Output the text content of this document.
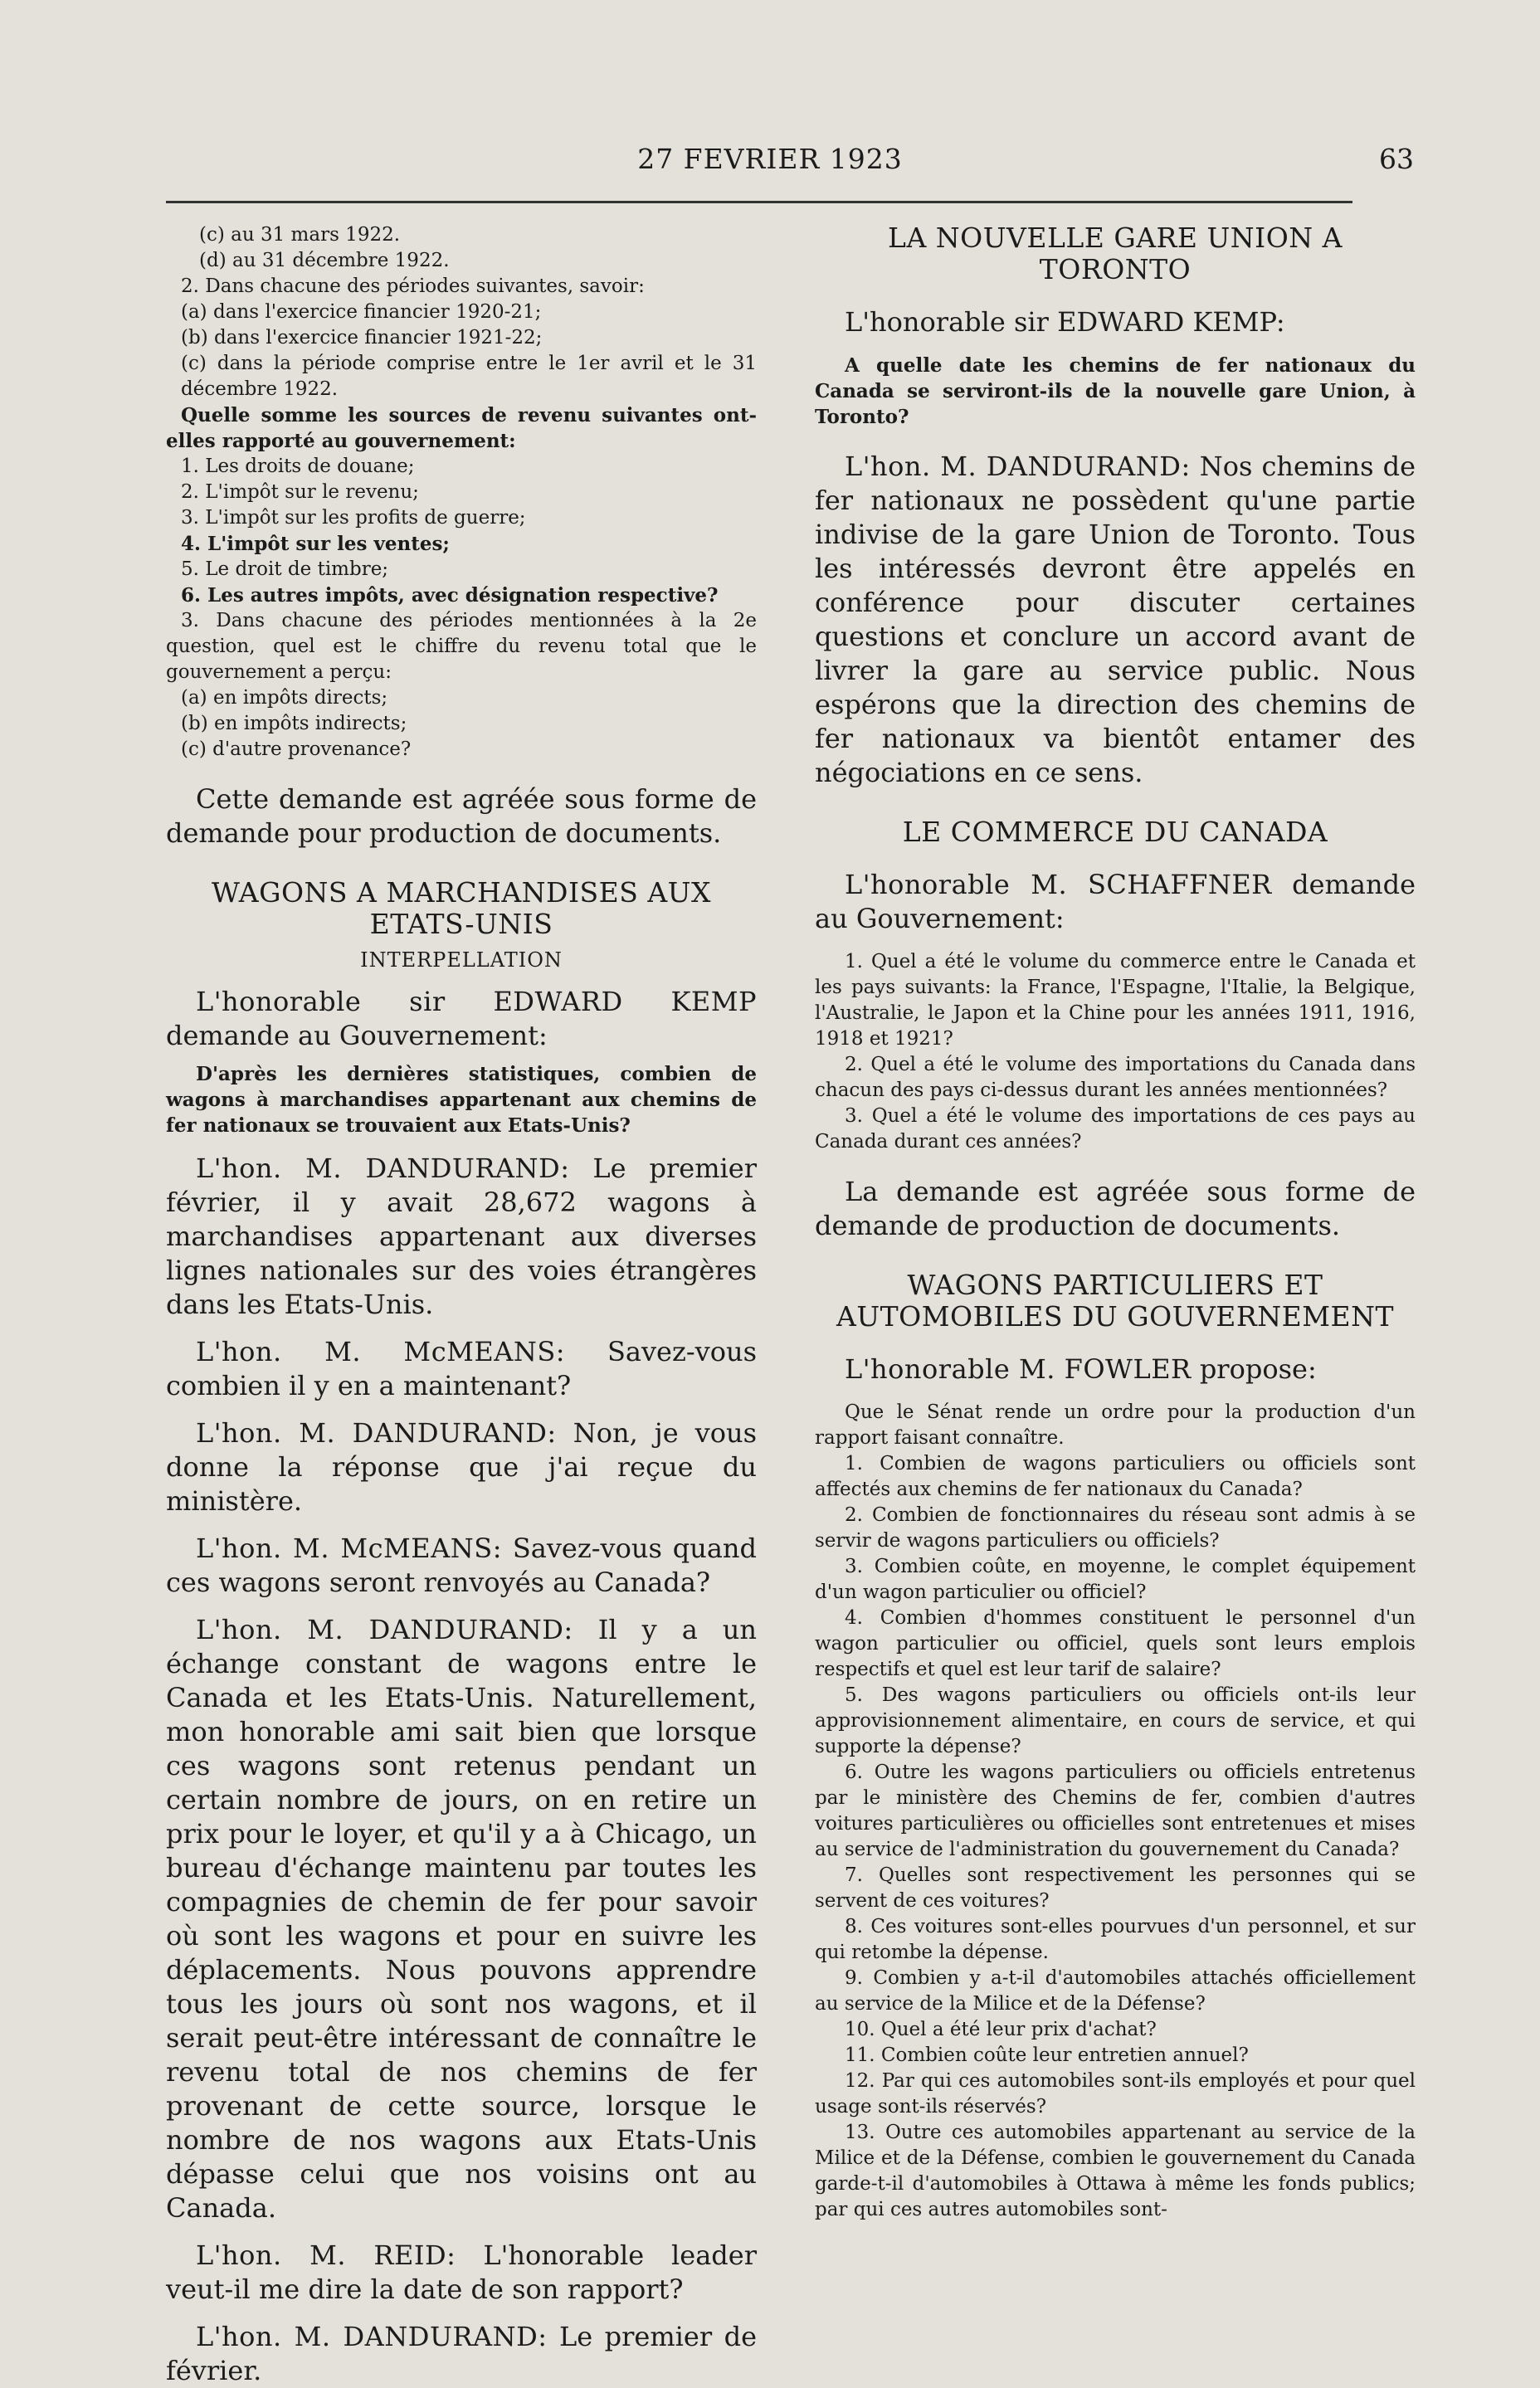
27 FEVRIER 1923	63
(c) au 31 mars 1922.
(d) au 31 décembre 1922.
2. Dans chacune des périodes suivantes, savoir:
(a) dans l'exercice financier 1920-21;
(b) dans l'exercice financier 1921-22;
(c) dans la période comprise entre le 1er avril et le 31 décembre 1922.
Quelle somme les sources de revenu suivantes ont-elles rapporté au gouvernement:
1. Les droits de douane;
2. L'impôt sur le revenu;
3. L'impôt sur les profits de guerre;
4. L'impôt sur les ventes;
5. Le droit de timbre;
6. Les autres impôts, avec désignation respective?
3. Dans chacune des périodes mentionnées à la 2e question, quel est le chiffre du revenu total que le gouvernement a perçu:
(a) en impôts directs;
(b) en impôts indirects;
(c) d'autre provenance?

Cette demande est agréée sous forme de demande pour production de documents.

WAGONS A MARCHANDISES AUX ETATS-UNIS
INTERPELLATION

L'honorable sir EDWARD KEMP demande au Gouvernement:

D'après les dernières statistiques, combien de wagons à marchandises appartenant aux chemins de fer nationaux se trouvaient aux Etats-Unis?

L'hon. M. DANDURAND: Le premier février, il y avait 28,672 wagons à marchandises appartenant aux diverses lignes nationales sur des voies étrangères dans les Etats-Unis.

L'hon. M. McMEANS: Savez-vous combien il y en a maintenant?

L'hon. M. DANDURAND: Non, je vous donne la réponse que j'ai reçue du ministère.

L'hon. M. McMEANS: Savez-vous quand ces wagons seront renvoyés au Canada?

L'hon. M. DANDURAND: Il y a un échange constant de wagons entre le Canada et les Etats-Unis. Naturellement, mon honorable ami sait bien que lorsque ces wagons sont retenus pendant un certain nombre de jours, on en retire un prix pour le loyer, et qu'il y a à Chicago, un bureau d'échange maintenu par toutes les compagnies de chemin de fer pour savoir où sont les wagons et pour en suivre les déplacements. Nous pouvons apprendre tous les jours où sont nos wagons, et il serait peut-être intéressant de connaître le revenu total de nos chemins de fer provenant de cette source, lorsque le nombre de nos wagons aux Etats-Unis dépasse celui que nos voisins ont au Canada.

L'hon. M. REID: L'honorable leader veut-il me dire la date de son rapport?

L'hon. M. DANDURAND: Le premier de février.

LA NOUVELLE GARE UNION A TORONTO

L'honorable sir EDWARD KEMP:

A quelle date les chemins de fer nationaux du Canada se serviront-ils de la nouvelle gare Union, à Toronto?

L'hon. M. DANDURAND: Nos chemins de fer nationaux ne possèdent qu'une partie indivise de la gare Union de Toronto. Tous les intéressés devront être appelés en conférence pour discuter certaines questions et conclure un accord avant de livrer la gare au service public. Nous espérons que la direction des chemins de fer nationaux va bientôt entamer des négociations en ce sens.

LE COMMERCE DU CANADA

L'honorable M. SCHAFFNER demande au Gouvernement:

1. Quel a été le volume du commerce entre le Canada et les pays suivants: la France, l'Espagne, l'Italie, la Belgique, l'Australie, le Japon et la Chine pour les années 1911, 1916, 1918 et 1921?

2. Quel a été le volume des importations du Canada dans chacun des pays ci-dessus durant les années mentionnées?

3. Quel a été le volume des importations de ces pays au Canada durant ces années?

La demande est agréée sous forme de demande de production de documents.

WAGONS PARTICULIERS ET AUTOMOBILES DU GOUVERNEMENT

L'honorable M. FOWLER propose:

Que le Sénat rende un ordre pour la production d'un rapport faisant connaître.

1. Combien de wagons particuliers ou officiels sont affectés aux chemins de fer nationaux du Canada?

2. Combien de fonctionnaires du réseau sont admis à se servir de wagons particuliers ou officiels?

3. Combien coûte, en moyenne, le complet équipement d'un wagon particulier ou officiel?

4. Combien d'hommes constituent le personnel d'un wagon particulier ou officiel, quels sont leurs emplois respectifs et quel est leur tarif de salaire?

5. Des wagons particuliers ou officiels ont-ils leur approvisionnement alimentaire, en cours de service, et qui supporte la dépense?

6. Outre les wagons particuliers ou officiels entretenus par le ministère des Chemins de fer, combien d'autres voitures particulières ou officielles sont entretenues et mises au service de l'administration du gouvernement du Canada?

7. Quelles sont respectivement les personnes qui se servent de ces voitures?

8. Ces voitures sont-elles pourvues d'un personnel, et sur qui retombe la dépense.

9. Combien y a-t-il d'automobiles attachés officiellement au service de la Milice et de la Défense?

10. Quel a été leur prix d'achat?

11. Combien coûte leur entretien annuel?

12. Par qui ces automobiles sont-ils employés et pour quel usage sont-ils réservés?

13. Outre ces automobiles appartenant au service de la Milice et de la Défense, combien le gouvernement du Canada garde-t-il d'automobiles à Ottawa à même les fonds publics; par qui ces autres automobiles sont-
